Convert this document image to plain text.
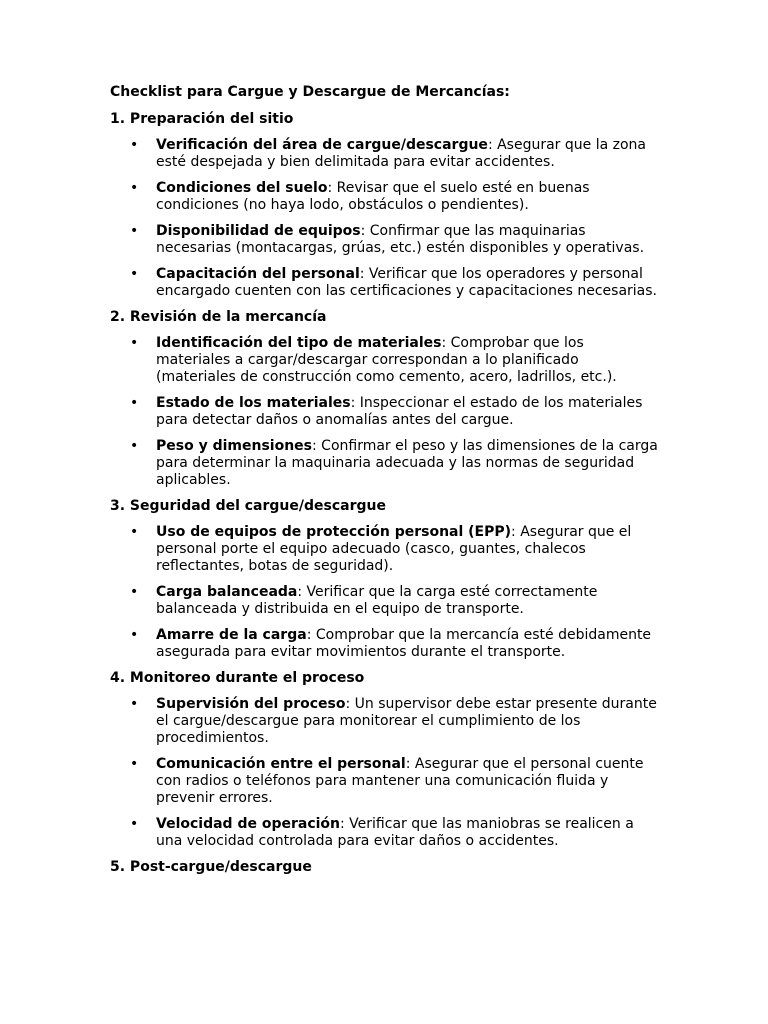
Checklist para Cargue y Descargue de Mercancías:

1. Preparación del sitio

• Verificación del área de cargue/descargue: Asegurar que la zona esté despejada y bien delimitada para evitar accidentes.
• Condiciones del suelo: Revisar que el suelo esté en buenas condiciones (no haya lodo, obstáculos o pendientes).
• Disponibilidad de equipos: Confirmar que las maquinarias necesarias (montacargas, grúas, etc.) estén disponibles y operativas.
• Capacitación del personal: Verificar que los operadores y personal encargado cuenten con las certificaciones y capacitaciones necesarias.

2. Revisión de la mercancía

• Identificación del tipo de materiales: Comprobar que los materiales a cargar/descargar correspondan a lo planificado (materiales de construcción como cemento, acero, ladrillos, etc.).
• Estado de los materiales: Inspeccionar el estado de los materiales para detectar daños o anomalías antes del cargue.
• Peso y dimensiones: Confirmar el peso y las dimensiones de la carga para determinar la maquinaria adecuada y las normas de seguridad aplicables.

3. Seguridad del cargue/descargue

• Uso de equipos de protección personal (EPP): Asegurar que el personal porte el equipo adecuado (casco, guantes, chalecos reflectantes, botas de seguridad).
• Carga balanceada: Verificar que la carga esté correctamente balanceada y distribuida en el equipo de transporte.
• Amarre de la carga: Comprobar que la mercancía esté debidamente asegurada para evitar movimientos durante el transporte.

4. Monitoreo durante el proceso

• Supervisión del proceso: Un supervisor debe estar presente durante el cargue/descargue para monitorear el cumplimiento de los procedimientos.
• Comunicación entre el personal: Asegurar que el personal cuente con radios o teléfonos para mantener una comunicación fluida y prevenir errores.
• Velocidad de operación: Verificar que las maniobras se realicen a una velocidad controlada para evitar daños o accidentes.

5. Post-cargue/descargue
